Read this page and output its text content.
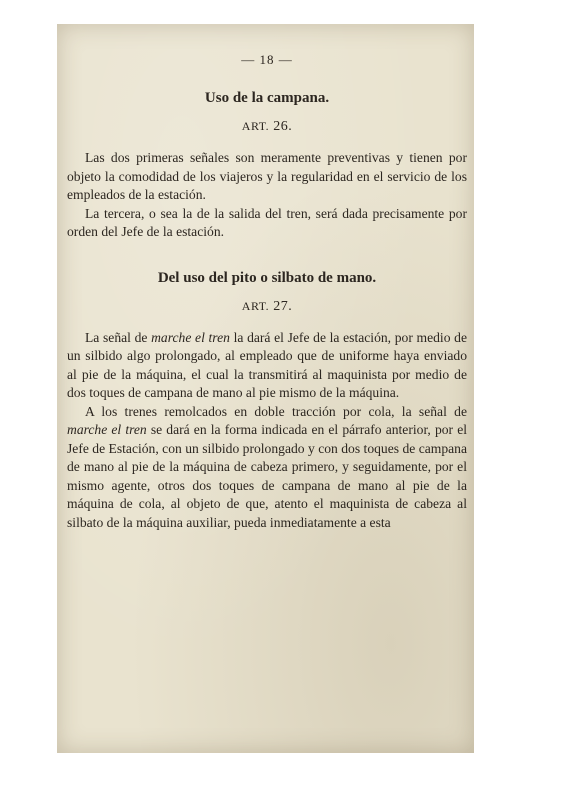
— 18 —

Uso de la campana.

ART. 26.

Las dos primeras señales son meramente preventivas y tienen por objeto la comodidad de los viajeros y la regularidad en el servicio de los empleados de la estación.

La tercera, o sea la de la salida del tren, será dada precisamente por orden del Jefe de la estación.

Del uso del pito o silbato de mano.

ART. 27.

La señal de marche el tren la dará el Jefe de la estación, por medio de un silbido algo prolongado, al empleado que de uniforme haya enviado al pie de la máquina, el cual la transmitirá al maquinista por medio de dos toques de campana de mano al pie mismo de la máquina.

A los trenes remolcados en doble tracción por cola, la señal de marche el tren se dará en la forma indicada en el párrafo anterior, por el Jefe de Estación, con un silbido prolongado y con dos toques de campana de mano al pie de la máquina de cabeza primero, y seguidamente, por el mismo agente, otros dos toques de campana de mano al pie de la máquina de cola, al objeto de que, atento el maquinista de cabeza al silbato de la máquina auxiliar, pueda inmediatamente a esta
